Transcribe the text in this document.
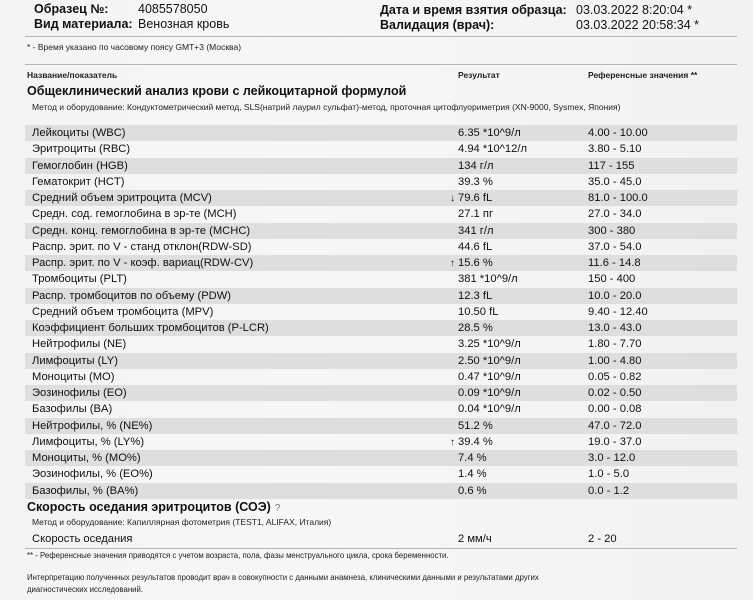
Образец №: 4085578050
Вид материала: Венозная кровь
Дата и время взятия образца: 03.03.2022 8:20:04 *
Валидация (врач):	03.03.2022 20:58:34 *
* - Время указано по часовому поясу GMT+3 (Москва)
Название/показатель	Результат	Референсные значения **
Общеклинический анализ крови с лейкоцитарной формулой
Метод и оборудование: Кондуктометрический метод, SLS(натрий лаурил сульфат)-метод, проточная цитофлуориметрия (XN-9000, Sysmex, Япония)
Лейкоциты (WBC)	6.35 *10^9/л	4.00 - 10.00
Эритроциты (RBC)	4.94 *10^12/л	3.80 - 5.10
Гемоглобин (HGB)	134 г/л	117 - 155
Гематокрит (HCT)	39.3 %	35.0 - 45.0
Средний объем эритроцита (MCV)	↓ 79.6 fL	81.0 - 100.0
Средн. сод. гемоглобина в эр-те (MCH)	27.1 пг	27.0 - 34.0
Средн. конц. гемоглобина в эр-те (MCHC)	341 г/л	300 - 380
Распр. эрит. по V - станд отклон(RDW-SD)	44.6 fL	37.0 - 54.0
Распр. эрит. по V - коэф. вариац(RDW-CV)	↑ 15.6 %	11.6 - 14.8
Тромбоциты (PLT)	381 *10^9/л	150 - 400
Распр. тромбоцитов по объему (PDW)	12.3 fL	10.0 - 20.0
Средний объем тромбоцита (MPV)	10.50 fL	9.40 - 12.40
Коэффициент больших тромбоцитов (P-LCR)	28.5 %	13.0 - 43.0
Нейтрофилы (NE)	3.25 *10^9/л	1.80 - 7.70
Лимфоциты (LY)	2.50 *10^9/л	1.00 - 4.80
Моноциты (MO)	0.47 *10^9/л	0.05 - 0.82
Эозинофилы (EO)	0.09 *10^9/л	0.02 - 0.50
Базофилы (BA)	0.04 *10^9/л	0.00 - 0.08
Нейтрофилы, % (NE%)	51.2 %	47.0 - 72.0
Лимфоциты, % (LY%)	↑ 39.4 %	19.0 - 37.0
Моноциты, % (MO%)	7.4 %	3.0 - 12.0
Эозинофилы, % (EO%)	1.4 %	1.0 - 5.0
Базофилы, % (BA%)	0.6 %	0.0 - 1.2
Скорость оседания эритроцитов (СОЭ) ?
Метод и оборудование: Капиллярная фотометрия (TEST1, ALIFAX, Италия)
Скорость оседания	2 мм/ч	2 - 20
** - Референсные значения приводятся с учетом возраста, пола, фазы менструального цикла, срока беременности.
Интерпретацию полученных результатов проводит врач в совокупности с данными анамнеза, клиническими данными и результатами других диагностических исследований.
